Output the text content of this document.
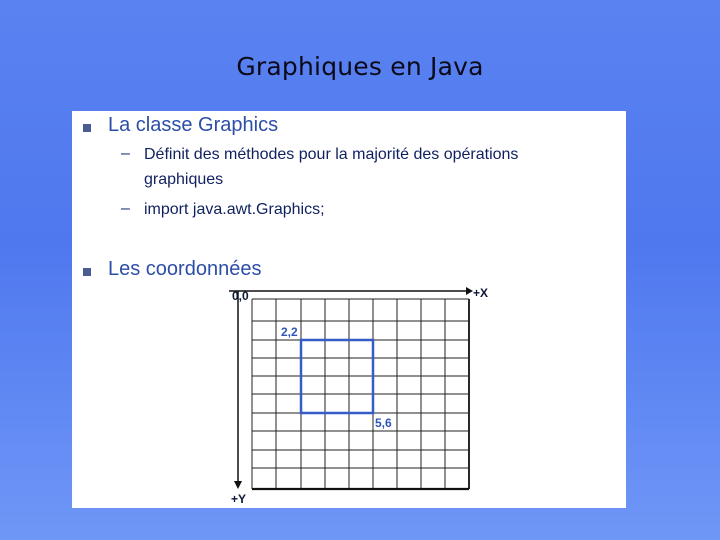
Graphiques en Java
La classe Graphics
– Définit des méthodes pour la majorité des opérations
graphiques
– import java.awt.Graphics;
Les coordonnées
0,0	+X
+Y
2,2
5,6
